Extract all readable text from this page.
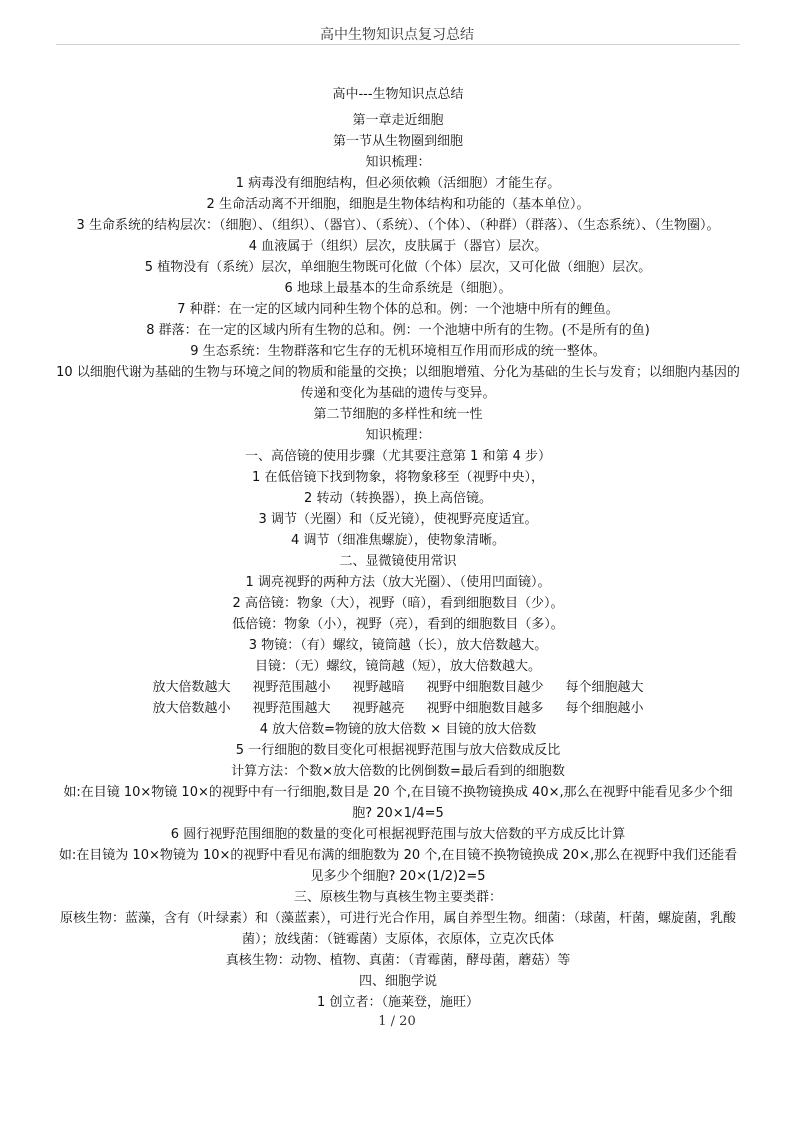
高中生物知识点复习总结

高中---生物知识点总结

第一章走近细胞

第一节从生物圈到细胞

知识梳理：

1 病毒没有细胞结构，但必须依赖（活细胞）才能生存。

2 生命活动离不开细胞，细胞是生物体结构和功能的（基本单位）。

3 生命系统的结构层次：（细胞）、（组织）、（器官）、（系统）、（个体）、（种群）（群落）、（生态系统）、（生物圈）。

4 血液属于（组织）层次，皮肤属于（器官）层次。

5 植物没有（系统）层次，单细胞生物既可化做（个体）层次，又可化做（细胞）层次。

6 地球上最基本的生命系统是（细胞）。

7 种群：在一定的区域内同种生物个体的总和。例：一个池塘中所有的鲤鱼。

8 群落：在一定的区域内所有生物的总和。例：一个池塘中所有的生物。(不是所有的鱼)

9 生态系统：生物群落和它生存的无机环境相互作用而形成的统一整体。

10 以细胞代谢为基础的生物与环境之间的物质和能量的交换；以细胞增殖、分化为基础的生长与发育；以细胞内基因的传递和变化为基础的遗传与变异。

第二节细胞的多样性和统一性

知识梳理：

一、高倍镜的使用步骤（尤其要注意第 1 和第 4 步）

1 在低倍镜下找到物象，将物象移至（视野中央），

2 转动（转换器），换上高倍镜。

3 调节（光圈）和（反光镜），使视野亮度适宜。

4 调节（细准焦螺旋），使物象清晰。

二、显微镜使用常识

1 调亮视野的两种方法（放大光圈）、（使用凹面镜）。

2 高倍镜：物象（大），视野（暗），看到细胞数目（少）。

低倍镜：物象（小），视野（亮），看到的细胞数目（多）。

3 物镜：（有）螺纹，镜筒越（长），放大倍数越大。

目镜：（无）螺纹，镜筒越（短），放大倍数越大。

放大倍数越大 视野范围越小 视野越暗 视野中细胞数目越少 每个细胞越大
放大倍数越小 视野范围越大 视野越亮 视野中细胞数目越多 每个细胞越小

4 放大倍数=物镜的放大倍数 × 目镜的放大倍数

5 一行细胞的数目变化可根据视野范围与放大倍数成反比

计算方法：个数×放大倍数的比例倒数=最后看到的细胞数

如:在目镜 10×物镜 10×的视野中有一行细胞,数目是 20 个,在目镜不换物镜换成 40×,那么在视野中能看见多少个细胞? 20×1/4=5

6 圆行视野范围细胞的数量的变化可根据视野范围与放大倍数的平方成反比计算

如:在目镜为 10×物镜为 10×的视野中看见布满的细胞数为 20 个,在目镜不换物镜换成 20×,那么在视野中我们还能看见多少个细胞? 20×(1/2)2=5

三、原核生物与真核生物主要类群：

原核生物：蓝藻，含有（叶绿素）和（藻蓝素），可进行光合作用，属自养型生物。细菌：（球菌，杆菌，螺旋菌，乳酸菌）；放线菌：（链霉菌）支原体，衣原体，立克次氏体

真核生物：动物、植物、真菌：（青霉菌，酵母菌，蘑菇）等

四、细胞学说

1 创立者：（施莱登，施旺）

1 / 20
